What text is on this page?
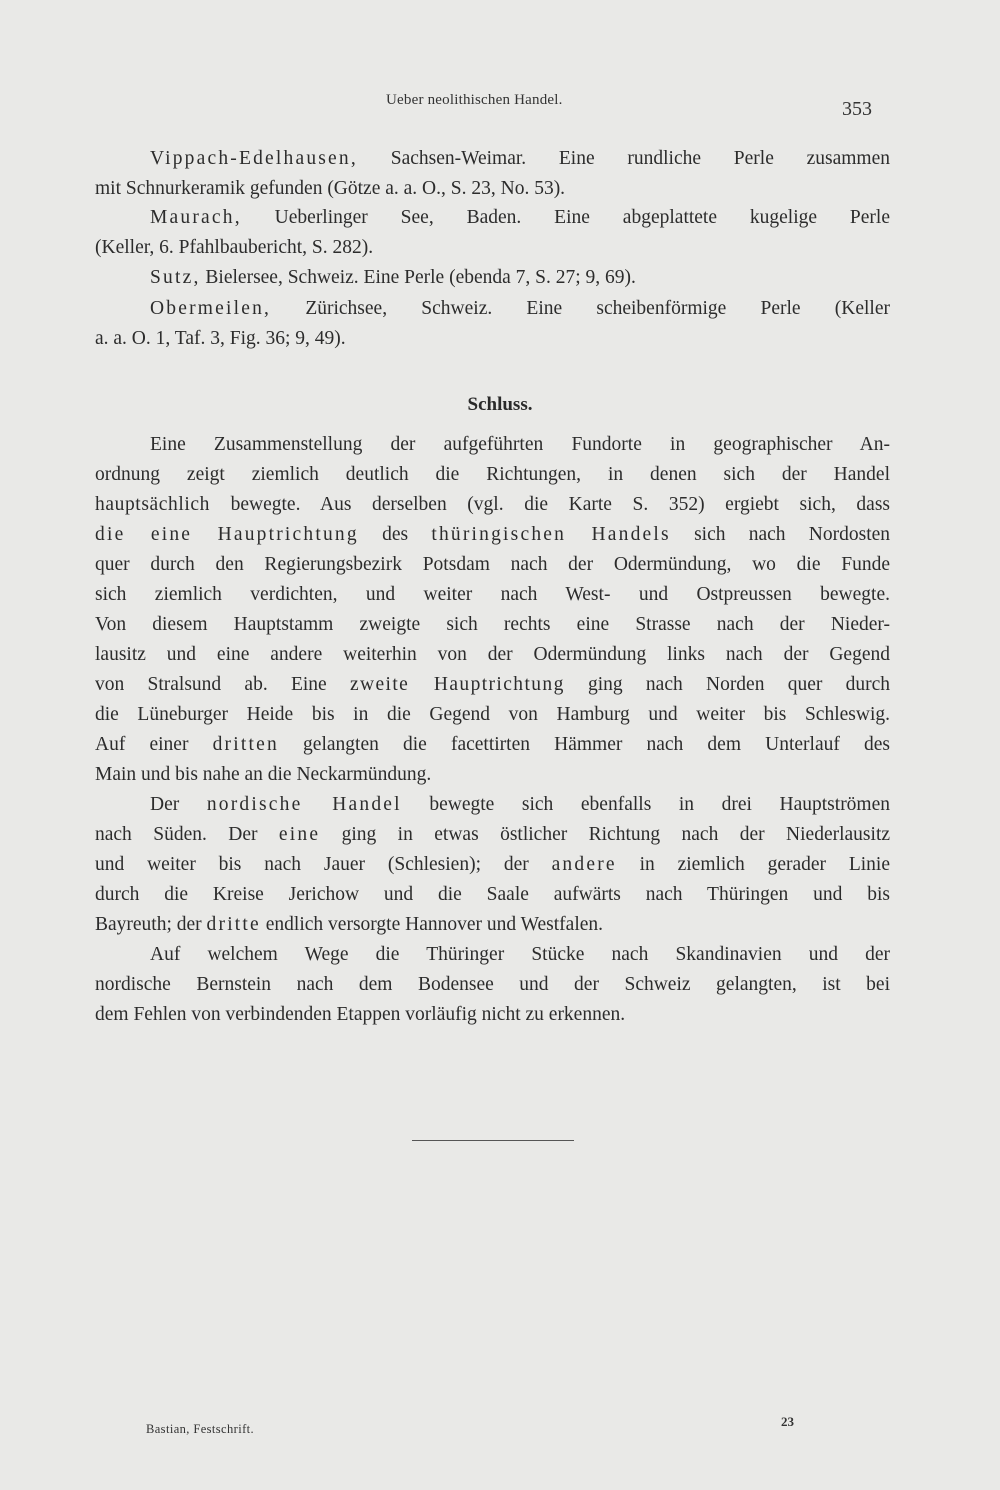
Ueber neolithischen Handel.	353
Vippach-Edelhausen, Sachsen-Weimar. Eine rundliche Perle zusammen
mit Schnurkeramik gefunden (Götze a. a. O., S. 23, No. 53).
Maurach, Ueberlinger See, Baden. Eine abgeplattete kugelige Perle
(Keller, 6. Pfahlbaubericht, S. 282).
Sutz, Bielersee, Schweiz. Eine Perle (ebenda 7, S. 27; 9, 69).
Obermeilen, Zürichsee, Schweiz. Eine scheibenförmige Perle (Keller
a. a. O. 1, Taf. 3, Fig. 36; 9, 49).
Schluss.
Eine Zusammenstellung der aufgeführten Fundorte in geographischer An-
ordnung zeigt ziemlich deutlich die Richtungen, in denen sich der Handel
hauptsächlich bewegte. Aus derselben (vgl. die Karte S. 352) ergiebt sich, dass
die eine Hauptrichtung des thüringischen Handels sich nach Nordosten
quer durch den Regierungsbezirk Potsdam nach der Odermündung, wo die Funde
sich ziemlich verdichten, und weiter nach West- und Ostpreussen bewegte.
Von diesem Hauptstamm zweigte sich rechts eine Strasse nach der Nieder-
lausitz und eine andere weiterhin von der Odermündung links nach der Gegend
von Stralsund ab. Eine zweite Hauptrichtung ging nach Norden quer durch
die Lüneburger Heide bis in die Gegend von Hamburg und weiter bis Schleswig.
Auf einer dritten gelangten die facettirten Hämmer nach dem Unterlauf des
Main und bis nahe an die Neckarmündung.
Der nordische Handel bewegte sich ebenfalls in drei Hauptströmen
nach Süden. Der eine ging in etwas östlicher Richtung nach der Niederlausitz
und weiter bis nach Jauer (Schlesien); der andere in ziemlich gerader Linie
durch die Kreise Jerichow und die Saale aufwärts nach Thüringen und bis
Bayreuth; der dritte endlich versorgte Hannover und Westfalen.
Auf welchem Wege die Thüringer Stücke nach Skandinavien und der
nordische Bernstein nach dem Bodensee und der Schweiz gelangten, ist bei
dem Fehlen von verbindenden Etappen vorläufig nicht zu erkennen.
Bastian, Festschrift.	23
